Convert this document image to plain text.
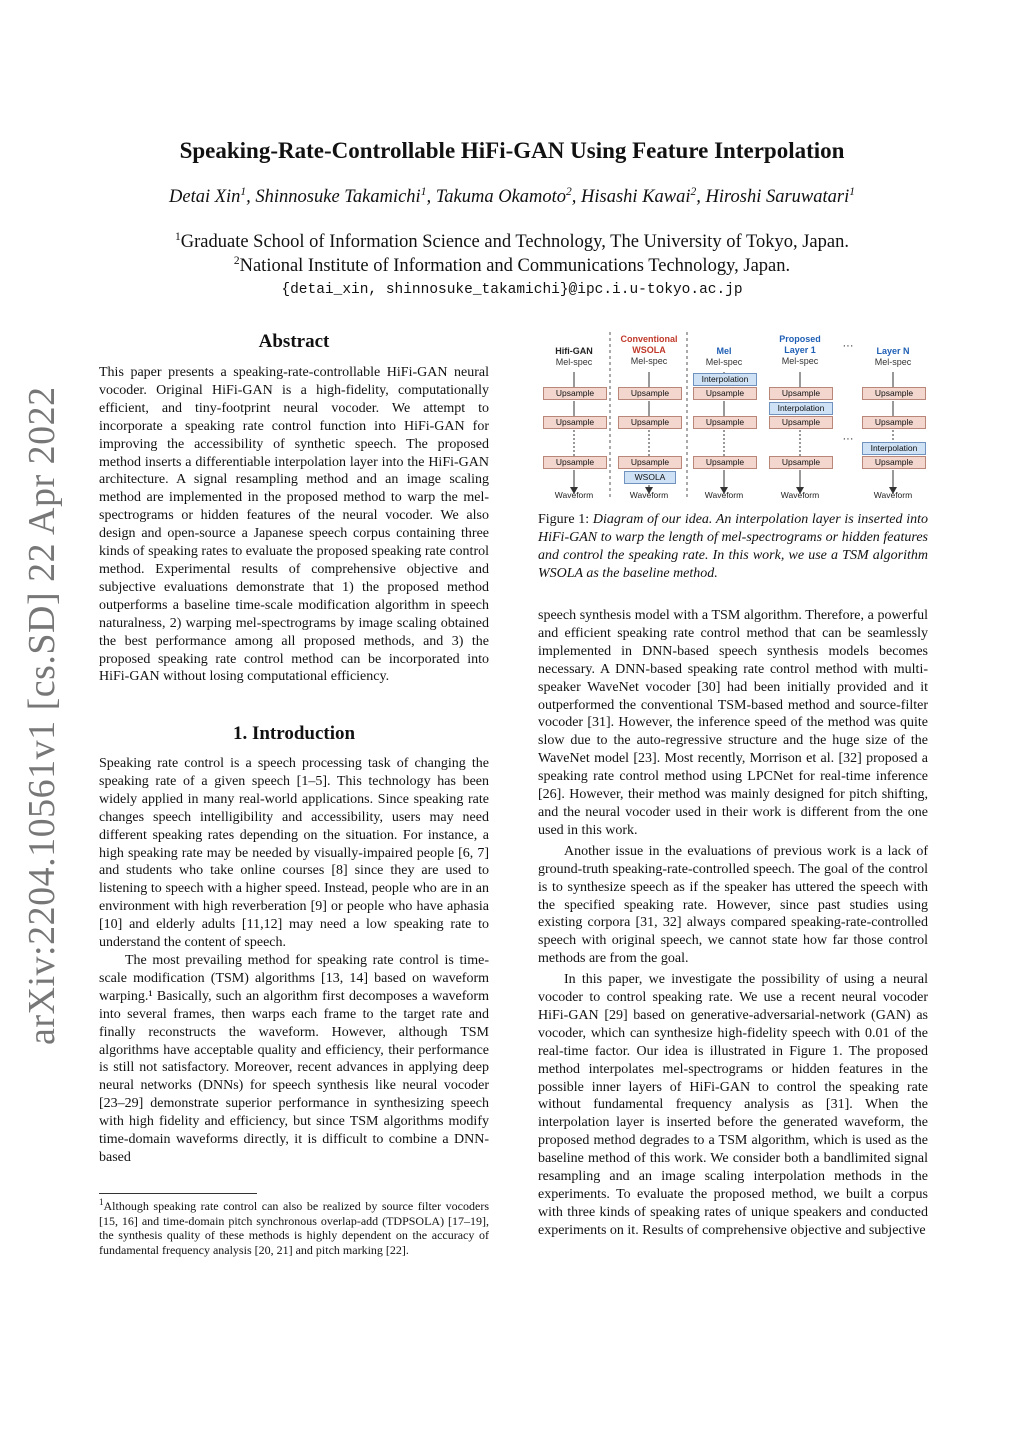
arXiv:2204.10561v1 [cs.SD] 22 Apr 2022
Speaking-Rate-Controllable HiFi-GAN Using Feature Interpolation
Detai Xin$^1$, Shinnosuke Takamichi$^1$, Takuma Okamoto$^2$, Hisashi Kawai$^2$, Hiroshi Saruwatari$^1$
$^1$Graduate School of Information Science and Technology, The University of Tokyo, Japan.
$^2$National Institute of Information and Communications Technology, Japan.
{detai_xin, shinnosuke_takamichi}@ipc.i.u-tokyo.ac.jp
Abstract

This paper presents a speaking-rate-controllable HiFi-GAN neural vocoder. Original HiFi-GAN is a high-fidelity, computationally efficient, and tiny-footprint neural vocoder. We attempt to incorporate a speaking rate control function into HiFi-GAN for improving the accessibility of synthetic speech. The proposed method inserts a differentiable interpolation layer into the HiFi-GAN architecture. A signal resampling method and an image scaling method are implemented in the proposed method to warp the mel-spectrograms or hidden features of the neural vocoder. We also design and open-source a Japanese speech corpus containing three kinds of speaking rates to evaluate the proposed speaking rate control method. Experimental results of comprehensive objective and subjective evaluations demonstrate that 1) the proposed method outperforms a baseline time-scale modification algorithm in speech naturalness, 2) warping mel-spectrograms by image scaling obtained the best performance among all proposed methods, and 3) the proposed speaking rate control method can be incorporated into HiFi-GAN without losing computational efficiency.

1. Introduction

Speaking rate control is a speech processing task of changing the speaking rate of a given speech [1–5]. This technology has been widely applied in many real-world applications. Since speaking rate changes speech intelligibility and accessibility, users may need different speaking rates depending on the situation. For instance, a high speaking rate may be needed by visually-impaired people [6, 7] and students who take online courses [8] since they are used to listening to speech with a higher speed. Instead, people who are in an environment with high reverberation [9] or people who have aphasia [10] and elderly adults [11,12] may need a low speaking rate to understand the content of speech.

The most prevailing method for speaking rate control is time-scale modification (TSM) algorithms [13, 14] based on waveform warping.¹ Basically, such an algorithm first decomposes a waveform into several frames, then warps each frame to the target rate and finally reconstructs the waveform. However, although TSM algorithms have acceptable quality and efficiency, their performance is still not satisfactory. Moreover, recent advances in applying deep neural networks (DNNs) for speech synthesis like neural vocoder [23–29] demonstrate superior performance in synthesizing speech with high fidelity and efficiency, but since TSM algorithms modify time-domain waveforms directly, it is difficult to combine a DNN-based

$^1$Although speaking rate control can also be realized by source filter vocoders [15, 16] and time-domain pitch synchronous overlap-add (TDPSOLA) [17–19], the synthesis quality of these methods is highly dependent on the accuracy of fundamental frequency analysis [20, 21] and pitch marking [22].
Hifi-GAN
Mel-spec
Upsample
Upsample
Upsample
Waveform
Conventional
WSOLA
Mel-spec
Upsample
Upsample
Upsample
WSOLA
Waveform
Mel
Mel-spec
Interpolation
Upsample
Upsample
Upsample
Waveform
Proposed
Layer 1
Mel-spec
Upsample
Interpolation
Upsample
Upsample
Waveform
···
···
Layer N
Mel-spec
Upsample
Upsample
Interpolation
Upsample
Waveform
Figure 1: Diagram of our idea. An interpolation layer is inserted into HiFi-GAN to warp the length of mel-spectrograms or hidden features and control the speaking rate. In this work, we use a TSM algorithm WSOLA as the baseline method.

speech synthesis model with a TSM algorithm. Therefore, a powerful and efficient speaking rate control method that can be seamlessly implemented in DNN-based speech synthesis models becomes necessary. A DNN-based speaking rate control method with multi-speaker WaveNet vocoder [30] had been initially provided and it outperformed the conventional TSM-based method and source-filter vocoder [31]. However, the inference speed of the method was quite slow due to the auto-regressive structure and the huge size of the WaveNet model [23]. Most recently, Morrison et al. [32] proposed a speaking rate control method using LPCNet for real-time inference [26]. However, their method was mainly designed for pitch shifting, and the neural vocoder used in their work is different from the one used in this work.

Another issue in the evaluations of previous work is a lack of ground-truth speaking-rate-controlled speech. The goal of the control is to synthesize speech as if the speaker has uttered the speech with the specified speaking rate. However, since past studies using existing corpora [31, 32] always compared speaking-rate-controlled speech with original speech, we cannot state how far those control methods are from the goal.

In this paper, we investigate the possibility of using a neural vocoder to control speaking rate. We use a recent neural vocoder HiFi-GAN [29] based on generative-adversarial-network (GAN) as vocoder, which can synthesize high-fidelity speech with 0.01 of the real-time factor. Our idea is illustrated in Figure 1. The proposed method interpolates mel-spectrograms or hidden features in the possible inner layers of HiFi-GAN to control the speaking rate without fundamental frequency analysis as [31]. When the interpolation layer is inserted before the generated waveform, the proposed method degrades to a TSM algorithm, which is used as the baseline method of this work. We consider both a bandlimited signal resampling and an image scaling interpolation methods in the experiments. To evaluate the proposed method, we built a corpus with three kinds of speaking rates of unique speakers and conducted experiments on it. Results of comprehensive objective and subjective
